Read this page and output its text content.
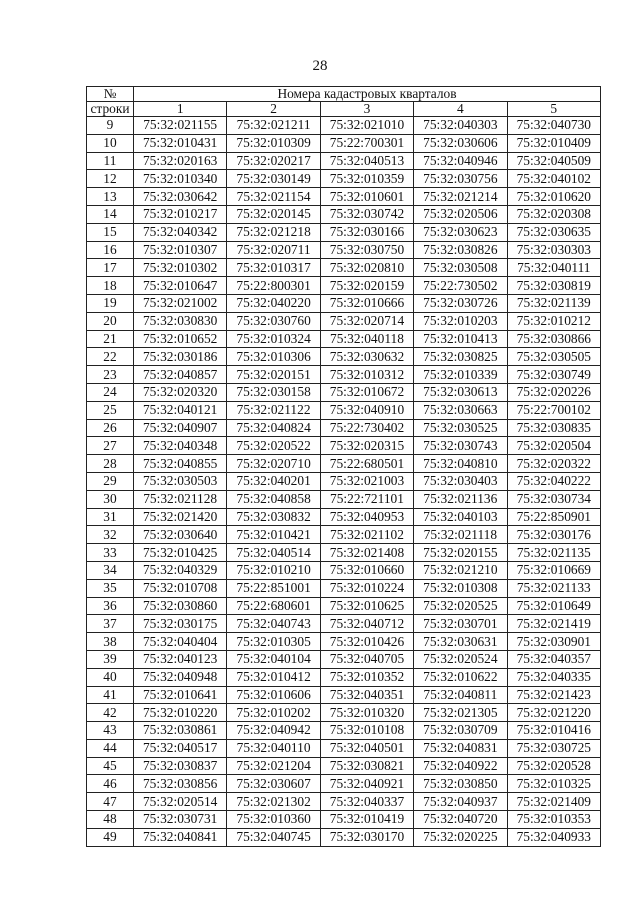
28
№	Номера кадастровых кварталов				
строки	1	2	3	4	5
9	75:32:021155	75:32:021211	75:32:021010	75:32:040303	75:32:040730
10	75:32:010431	75:32:010309	75:22:700301	75:32:030606	75:32:010409
11	75:32:020163	75:32:020217	75:32:040513	75:32:040946	75:32:040509
12	75:32:010340	75:32:030149	75:32:010359	75:32:030756	75:32:040102
13	75:32:030642	75:32:021154	75:32:010601	75:32:021214	75:32:010620
14	75:32:010217	75:32:020145	75:32:030742	75:32:020506	75:32:020308
15	75:32:040342	75:32:021218	75:32:030166	75:32:030623	75:32:030635
16	75:32:010307	75:32:020711	75:32:030750	75:32:030826	75:32:030303
17	75:32:010302	75:32:010317	75:32:020810	75:32:030508	75:32:040111
18	75:32:010647	75:22:800301	75:32:020159	75:22:730502	75:32:030819
19	75:32:021002	75:32:040220	75:32:010666	75:32:030726	75:32:021139
20	75:32:030830	75:32:030760	75:32:020714	75:32:010203	75:32:010212
21	75:32:010652	75:32:010324	75:32:040118	75:32:010413	75:32:030866
22	75:32:030186	75:32:010306	75:32:030632	75:32:030825	75:32:030505
23	75:32:040857	75:32:020151	75:32:010312	75:32:010339	75:32:030749
24	75:32:020320	75:32:030158	75:32:010672	75:32:030613	75:32:020226
25	75:32:040121	75:32:021122	75:32:040910	75:32:030663	75:22:700102
26	75:32:040907	75:32:040824	75:22:730402	75:32:030525	75:32:030835
27	75:32:040348	75:32:020522	75:32:020315	75:32:030743	75:32:020504
28	75:32:040855	75:32:020710	75:22:680501	75:32:040810	75:32:020322
29	75:32:030503	75:32:040201	75:32:021003	75:32:030403	75:32:040222
30	75:32:021128	75:32:040858	75:22:721101	75:32:021136	75:32:030734
31	75:32:021420	75:32:030832	75:32:040953	75:32:040103	75:22:850901
32	75:32:030640	75:32:010421	75:32:021102	75:32:021118	75:32:030176
33	75:32:010425	75:32:040514	75:32:021408	75:32:020155	75:32:021135
34	75:32:040329	75:32:010210	75:32:010660	75:32:021210	75:32:010669
35	75:32:010708	75:22:851001	75:32:010224	75:32:010308	75:32:021133
36	75:32:030860	75:22:680601	75:32:010625	75:32:020525	75:32:010649
37	75:32:030175	75:32:040743	75:32:040712	75:32:030701	75:32:021419
38	75:32:040404	75:32:010305	75:32:010426	75:32:030631	75:32:030901
39	75:32:040123	75:32:040104	75:32:040705	75:32:020524	75:32:040357
40	75:32:040948	75:32:010412	75:32:010352	75:32:010622	75:32:040335
41	75:32:010641	75:32:010606	75:32:040351	75:32:040811	75:32:021423
42	75:32:010220	75:32:010202	75:32:010320	75:32:021305	75:32:021220
43	75:32:030861	75:32:040942	75:32:010108	75:32:030709	75:32:010416
44	75:32:040517	75:32:040110	75:32:040501	75:32:040831	75:32:030725
45	75:32:030837	75:32:021204	75:32:030821	75:32:040922	75:32:020528
46	75:32:030856	75:32:030607	75:32:040921	75:32:030850	75:32:010325
47	75:32:020514	75:32:021302	75:32:040337	75:32:040937	75:32:021409
48	75:32:030731	75:32:010360	75:32:010419	75:32:040720	75:32:010353
49	75:32:040841	75:32:040745	75:32:030170	75:32:020225	75:32:040933
